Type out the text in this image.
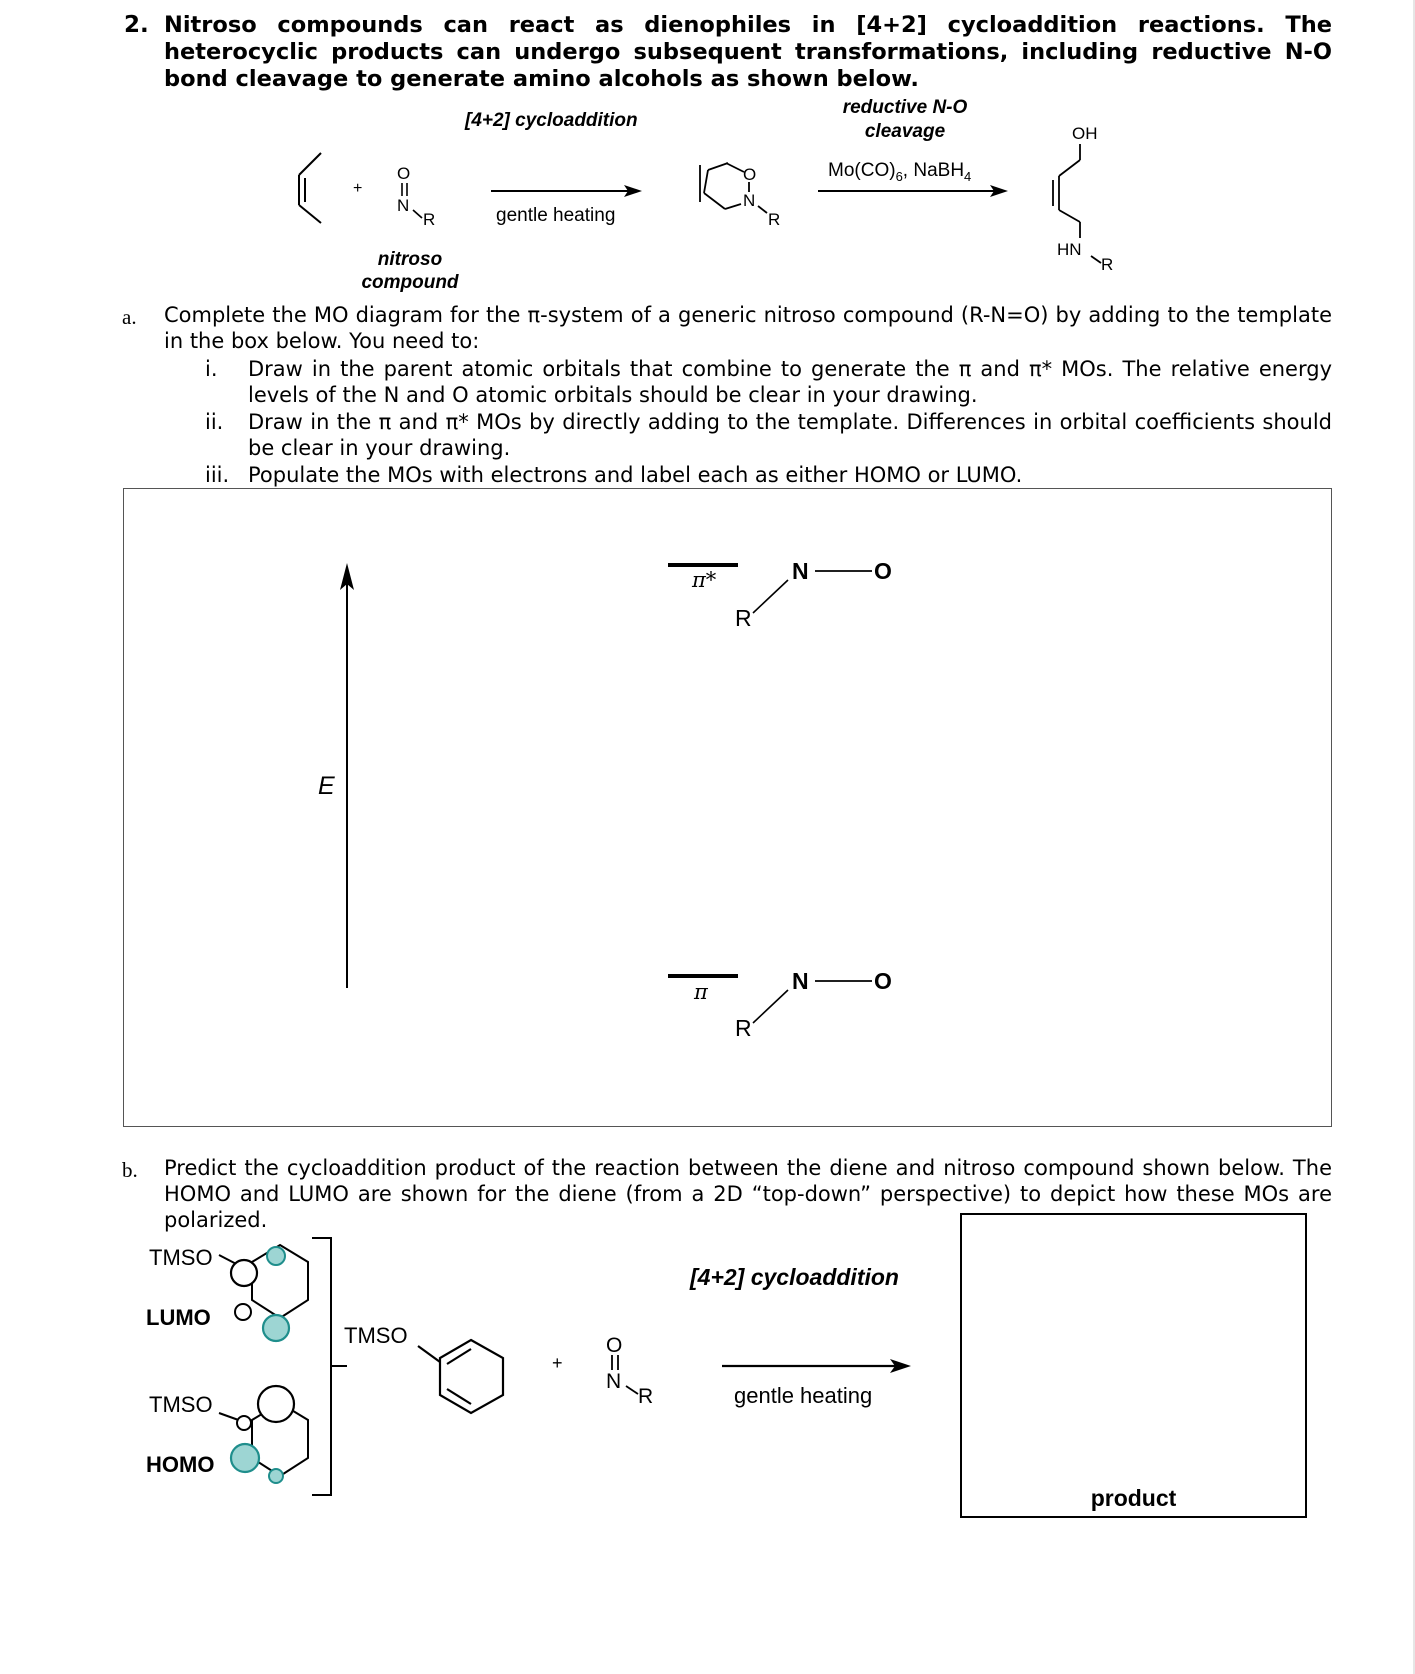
2. Nitroso compounds can react as dienophiles in [4+2] cycloaddition reactions. The heterocyclic products can undergo subsequent transformations, including reductive N-O bond cleavage to generate amino alcohols as shown below.
+
O
N
R
nitroso
compound
[4+2] cycloaddition
gentle heating
O
N
R
reductive N-O
cleavage
$Mo(CO)_6$, NaBH$_4$
OH
HN
R
a. Complete the MO diagram for the π-system of a generic nitroso compound (R-N=O) by adding to the template in the box below. You need to:
i. Draw in the parent atomic orbitals that combine to generate the π and π* MOs. The relative energy levels of the N and O atomic orbitals should be clear in your drawing.
ii. Draw in the π and π* MOs by directly adding to the template. Differences in orbital coefficients should be clear in your drawing.
iii. Populate the MOs with electrons and label each as either HOMO or LUMO.
E
π*
π
N	O
R
N	O
R
b. Predict the cycloaddition product of the reaction between the diene and nitroso compound shown below. The HOMO and LUMO are shown for the diene (from a 2D “top-down” perspective) to depict how these MOs are polarized.
TMSO
LUMO
TMSO
HOMO
TMSO
+
O
N
R
[4+2] cycloaddition
gentle heating
product
